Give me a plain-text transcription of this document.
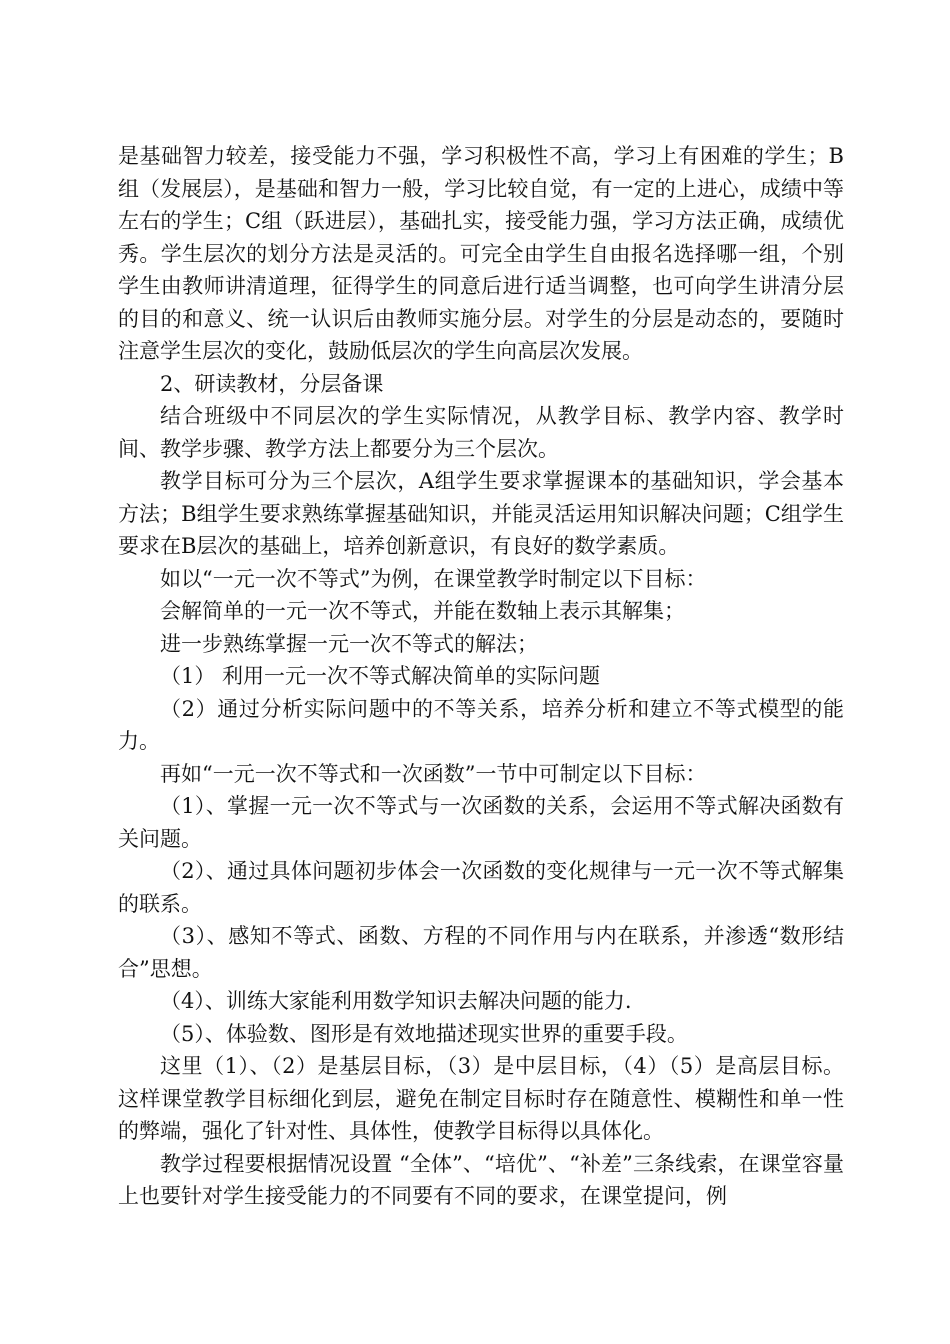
是基础智力较差，接受能力不强，学习积极性不高，学习上有困难的学生；B组（发展层），是基础和智力一般，学习比较自觉，有一定的上进心，成绩中等左右的学生；C组（跃进层），基础扎实，接受能力强，学习方法正确，成绩优秀。学生层次的划分方法是灵活的。可完全由学生自由报名选择哪一组，个别学生由教师讲清道理，征得学生的同意后进行适当调整，也可向学生讲清分层的目的和意义、统一认识后由教师实施分层。对学生的分层是动态的，要随时注意学生层次的变化，鼓励低层次的学生向高层次发展。

2、研读教材，分层备课

结合班级中不同层次的学生实际情况，从教学目标、教学内容、教学时间、教学步骤、教学方法上都要分为三个层次。

教学目标可分为三个层次，A组学生要求掌握课本的基础知识，学会基本方法；B组学生要求熟练掌握基础知识，并能灵活运用知识解决问题；C组学生要求在B层次的基础上，培养创新意识，有良好的数学素质。

如以“一元一次不等式”为例，在课堂教学时制定以下目标：

会解简单的一元一次不等式，并能在数轴上表示其解集；

进一步熟练掌握一元一次不等式的解法；

（1） 利用一元一次不等式解决简单的实际问题

（2）通过分析实际问题中的不等关系，培养分析和建立不等式模型的能力。

再如“一元一次不等式和一次函数”一节中可制定以下目标：

（1）、掌握一元一次不等式与一次函数的关系，会运用不等式解决函数有关问题。

（2）、通过具体问题初步体会一次函数的变化规律与一元一次不等式解集的联系。

（3）、感知不等式、函数、方程的不同作用与内在联系，并渗透“数形结合”思想。

（4）、训练大家能利用数学知识去解决问题的能力.

（5）、体验数、图形是有效地描述现实世界的重要手段。

这里（1）、（2）是基层目标，（3）是中层目标，（4）（5）是高层目标。这样课堂教学目标细化到层，避免在制定目标时存在随意性、模糊性和单一性的弊端，强化了针对性、具体性，使教学目标得以具体化。

教学过程要根据情况设置 “全体”、“培优”、“补差”三条线索，在课堂容量上也要针对学生接受能力的不同要有不同的要求，在课堂提问，例
